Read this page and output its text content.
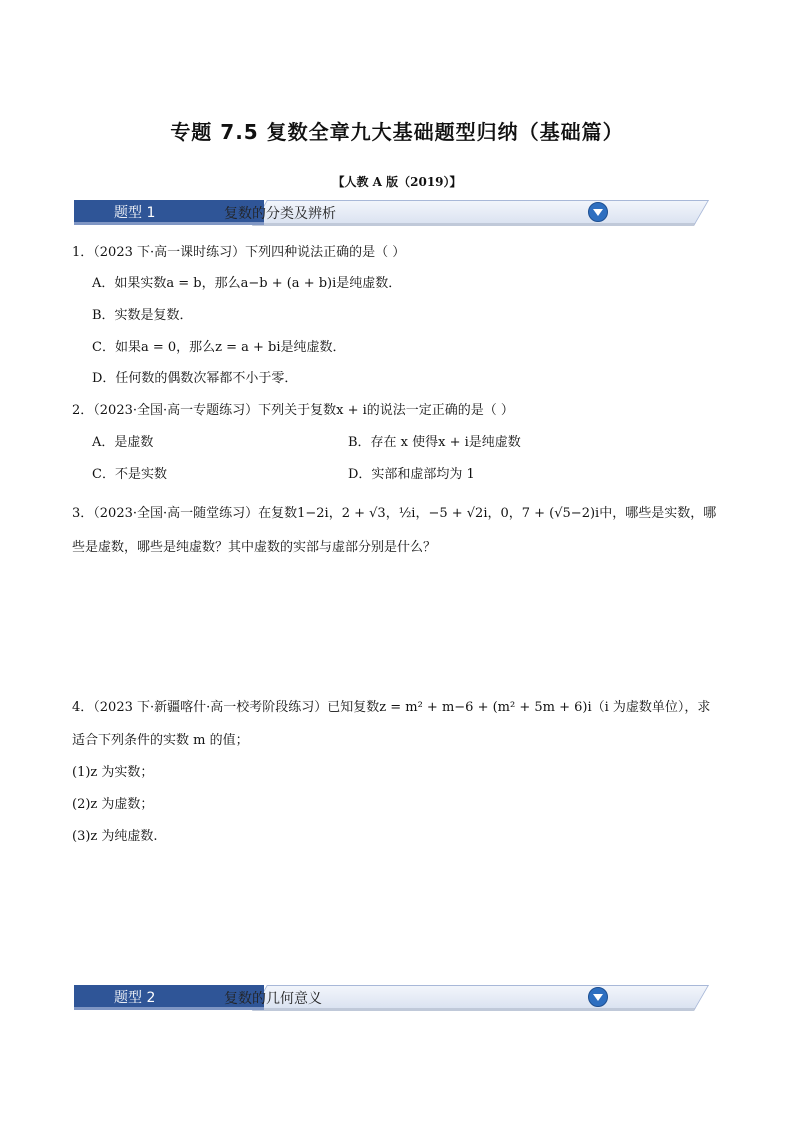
专题 7.5 复数全章九大基础题型归纳（基础篇）
【人教 A 版（2019）】
题型 1	复数的分类及辨析
1．（2023 下·高一课时练习）下列四种说法正确的是（ ）
A．如果实数a = b，那么a−b + (a + b)i是纯虚数．
B．实数是复数．
C．如果a = 0，那么z = a + bi是纯虚数．
D．任何数的偶数次幂都不小于零．
2．（2023·全国·高一专题练习）下列关于复数x + i的说法一定正确的是（ ）
A．是虚数	B．存在 x 使得x + i是纯虚数
C．不是实数	D．实部和虚部均为 1
3．（2023·全国·高一随堂练习）在复数1−2i，2 + √3，½i，−5 + √2i，0，7 + (√5−2)i中，哪些是实数，哪
些是虚数，哪些是纯虚数？其中虚数的实部与虚部分别是什么？
4．（2023 下·新疆喀什·高一校考阶段练习）已知复数z = m² + m−6 + (m² + 5m + 6)i（i 为虚数单位），求
适合下列条件的实数 m 的值；
(1)z 为实数；
(2)z 为虚数；
(3)z 为纯虚数.
题型 2	复数的几何意义
